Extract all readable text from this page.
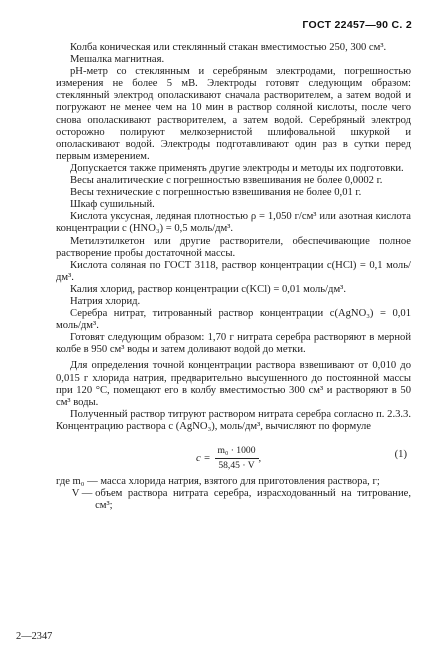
ГОСТ 22457—90 С. 2

Колба коническая или стеклянный стакан вместимостью 250, 300 см³.

Мешалка магнитная.

рН-метр со стеклянным и серебряным электродами, погрешностью измерения не более 5 мВ. Электроды готовят следующим образом: стеклянный электрод ополаскивают сначала растворителем, а затем водой и погружают не менее чем на 10 мин в раствор соляной кислоты, после чего снова ополаскивают растворителем, а затем водой. Серебряный электрод осторожно полируют мелкозернистой шлифовальной шкуркой и ополаскивают водой. Электроды подготавливают один раз в сутки перед первым измерением.

Допускается также применять другие электроды и методы их подготовки.

Весы аналитические с погрешностью взвешивания не более 0,0002 г.

Весы технические с погрешностью взвешивания не более 0,01 г.

Шкаф сушильный.

Кислота уксусная, ледяная плотностью ρ = 1,050 г/см³ или азотная кислота концентрации c (HNO₃) = 0,5 моль/дм³.

Метилэтилкетон или другие растворители, обеспечивающие полное растворение пробы достаточной массы.

Кислота соляная по ГОСТ 3118, раствор концентрации c(HCl) = 0,1 моль/дм³.

Калия хлорид, раствор концентрации c(KCl) = 0,01 моль/дм³.

Натрия хлорид.

Серебра нитрат, титрованный раствор концентрации c(AgNO₃) = 0,01 моль/дм³.

Готовят следующим образом: 1,70 г нитрата серебра растворяют в мерной колбе в 950 см³ воды и затем доливают водой до метки.

Для определения точной концентрации раствора взвешивают от 0,010 до 0,015 г хлорида натрия, предварительно высушенного до постоянной массы при 120 °С, помещают его в колбу вместимостью 300 см³ и растворяют в 50 см³ воды.

Полученный раствор титруют раствором нитрата серебра согласно п. 2.3.3. Концентрацию раствора c (AgNO₃), моль/дм³, вычисляют по формуле

$c = \frac{\text{m₀ · 1000}}{58,45 \cdot V}$ ,	(1)
где m₀ — масса хлорида натрия, взятого для приготовления раствора, г;
V — объем раствора нитрата серебра, израсходованный на титрование, см³;
2—2347
